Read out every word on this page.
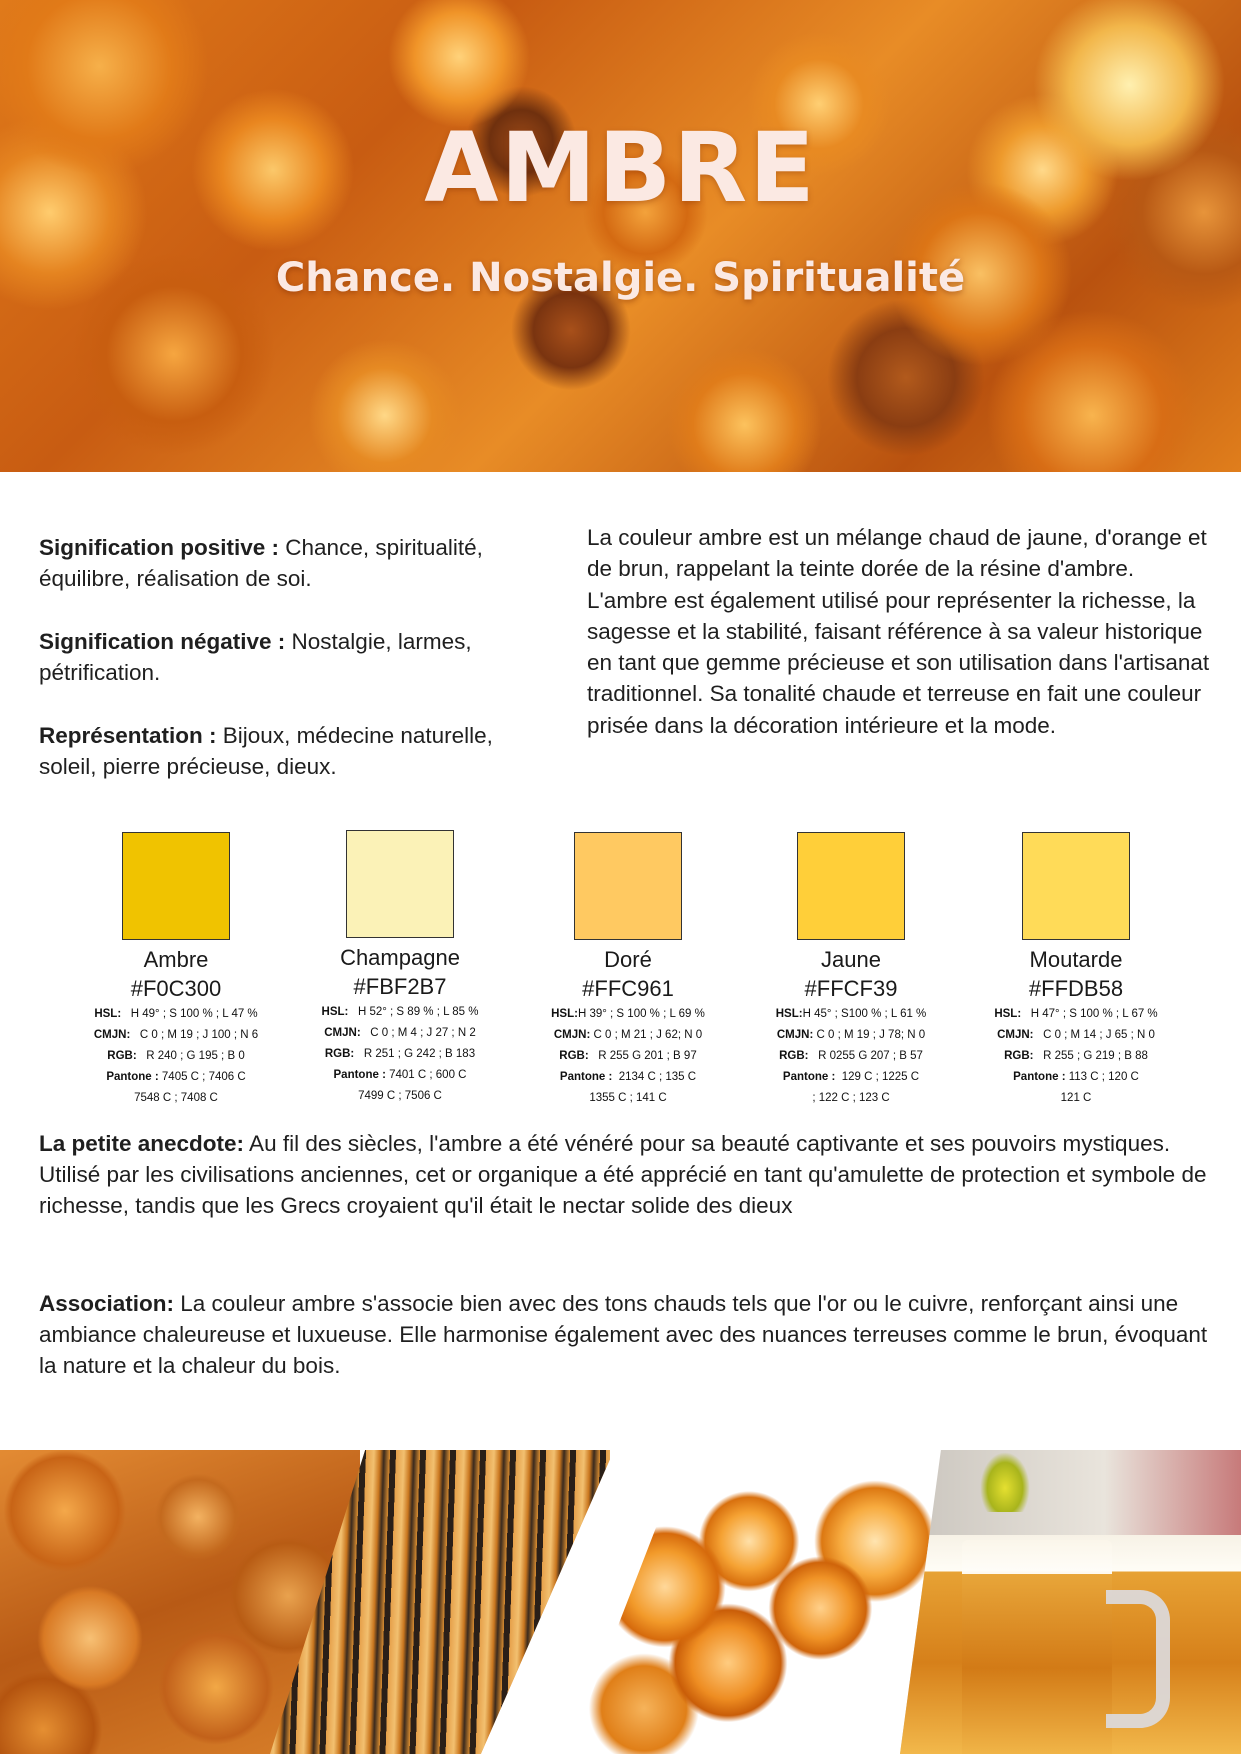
AMBRE
Chance. Nostalgie. Spiritualité

Signification positive : Chance, spiritualité, équilibre, réalisation de soi.

Signification négative : Nostalgie, larmes, pétrification.

Représentation : Bijoux, médecine naturelle, soleil, pierre précieuse, dieux.

La couleur ambre est un mélange chaud de jaune, d'orange et de brun, rappelant la teinte dorée de la résine d'ambre. L'ambre est également utilisé pour représenter la richesse, la sagesse et la stabilité, faisant référence à sa valeur historique en tant que gemme précieuse et son utilisation dans l'artisanat traditionnel. Sa tonalité chaude et terreuse en fait une couleur prisée dans la décoration intérieure et la mode.
Ambre
#F0C300
HSL: H 49° ; S 100 % ; L 47 %
CMJN: C 0 ; M 19 ; J 100 ; N 6
RGB: R 240 ; G 195 ; B 0
Pantone : 7405 C ; 7406 C
7548 C ; 7408 C
Champagne
#FBF2B7
HSL: H 52° ; S 89 % ; L 85 %
CMJN: C 0 ; M 4 ; J 27 ; N 2
RGB: R 251 ; G 242 ; B 183
Pantone : 7401 C ; 600 C
7499 C ; 7506 C
Doré
#FFC961
HSL:H 39° ; S 100 % ; L 69 %
CMJN: C 0 ; M 21 ; J 62; N 0
RGB: R 255 G 201 ; B 97
Pantone : 2134 C ; 135 C
1355 C ; 141 C
Jaune
#FFCF39
HSL:H 45° ; S100 % ; L 61 %
CMJN: C 0 ; M 19 ; J 78; N 0
RGB: R 0255 G 207 ; B 57
Pantone : 129 C ; 1225 C
; 122 C ; 123 C
Moutarde
#FFDB58
HSL: H 47° ; S 100 % ; L 67 %
CMJN: C 0 ; M 14 ; J 65 ; N 0
RGB: R 255 ; G 219 ; B 88
Pantone : 113 C ; 120 C
121 C

La petite anecdote: Au fil des siècles, l'ambre a été vénéré pour sa beauté captivante et ses pouvoirs mystiques. Utilisé par les civilisations anciennes, cet or organique a été apprécié en tant qu'amulette de protection et symbole de richesse, tandis que les Grecs croyaient qu'il était le nectar solide des dieux

Association: La couleur ambre s'associe bien avec des tons chauds tels que l'or ou le cuivre, renforçant ainsi une ambiance chaleureuse et luxueuse. Elle harmonise également avec des nuances terreuses comme le brun, évoquant la nature et la chaleur du bois.
